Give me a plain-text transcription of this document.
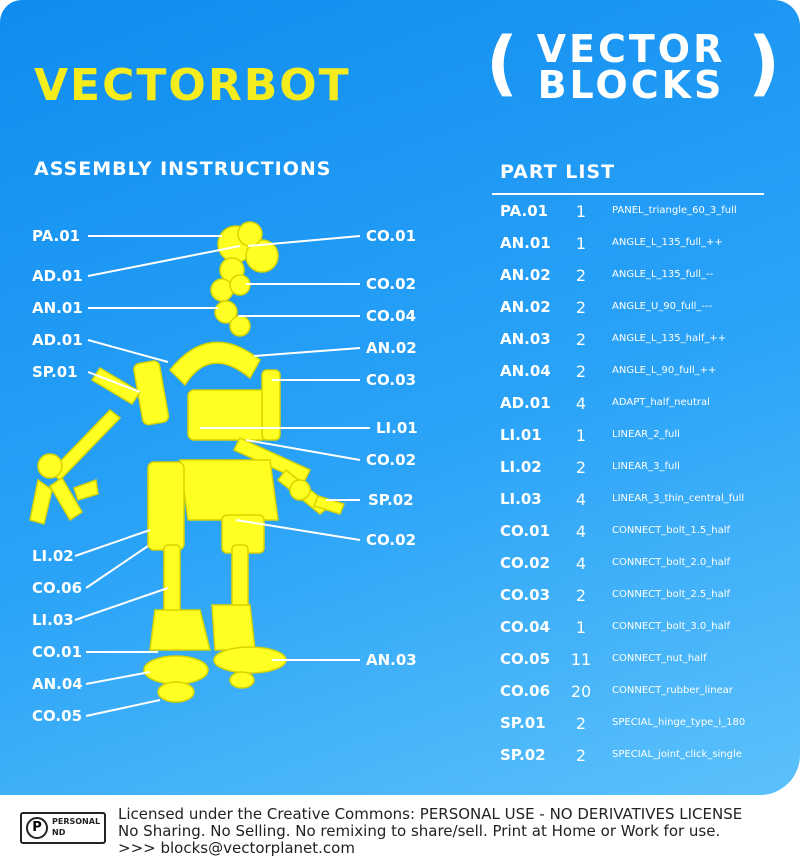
VECTORBOT ( VECTOR
BLOCKS )
ASSEMBLY INSTRUCTIONS	PART LIST
PA.01
AD.01
AN.01
AD.01
SP.01
LI.02
CO.06
LI.03
CO.01
AN.04
CO.05
CO.01
CO.02
CO.04
AN.02
CO.03
LI.01
CO.02
SP.02
CO.02
AN.03
PA.01	1	PANEL_triangle_60_3_full
AN.01	1	ANGLE_L_135_full_++
AN.02	2	ANGLE_L_135_full_--
AN.02	2	ANGLE_U_90_full_---
AN.03	2	ANGLE_L_135_half_++
AN.04	2	ANGLE_L_90_full_++
AD.01	4	ADAPT_half_neutral
LI.01	1	LINEAR_2_full
LI.02	2	LINEAR_3_full
LI.03	4	LINEAR_3_thin_central_full
CO.01	4	CONNECT_bolt_1.5_half
CO.02	4	CONNECT_bolt_2.0_half
CO.03	2	CONNECT_bolt_2.5_half
CO.04	1	CONNECT_bolt_3.0_half
CO.05	11	CONNECT_nut_half
CO.06	20	CONNECT_rubber_linear
SP.01	2	SPECIAL_hinge_type_i_180
SP.02	2	SPECIAL_joint_click_single
P	PERSONAL
ND
Licensed under the Creative Commons: PERSONAL USE - NO DERIVATIVES LICENSE
No Sharing. No Selling. No remixing to share/sell. Print at Home or Work for use.
>>> blocks@vectorplanet.com
